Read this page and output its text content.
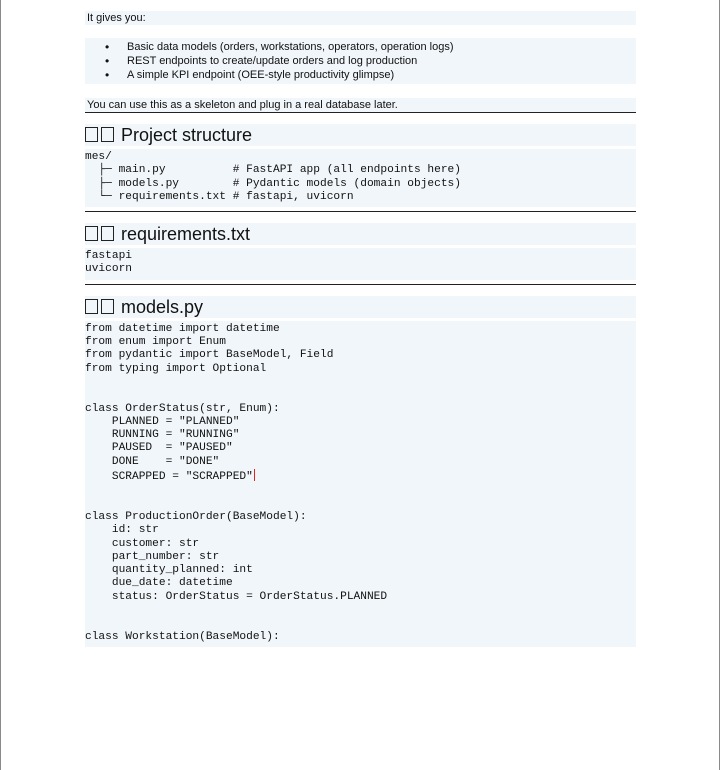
It gives you:

• Basic data models (orders, workstations, operators, operation logs)
• REST endpoints to create/update orders and log production
• A simple KPI endpoint (OEE-style productivity glimpse)

You can use this as a skeleton and plug in a real database later.

Project structure
mes/
├─ main.py          # FastAPI app (all endpoints here)
├─ models.py        # Pydantic models (domain objects)
└─ requirements.txt # fastapi, uvicorn
requirements.txt
fastapi
uvicorn
models.py
from datetime import datetime
from enum import Enum
from pydantic import BaseModel, Field
from typing import Optional

class OrderStatus(str, Enum):
PLANNED = "PLANNED"
RUNNING = "RUNNING"
PAUSED  = "PAUSED"
DONE    = "DONE"
SCRAPPED = "SCRAPPED"

class ProductionOrder(BaseModel):
id: str
customer: str
part_number: str
quantity_planned: int
due_date: datetime
status: OrderStatus = OrderStatus.PLANNED

class Workstation(BaseModel):
